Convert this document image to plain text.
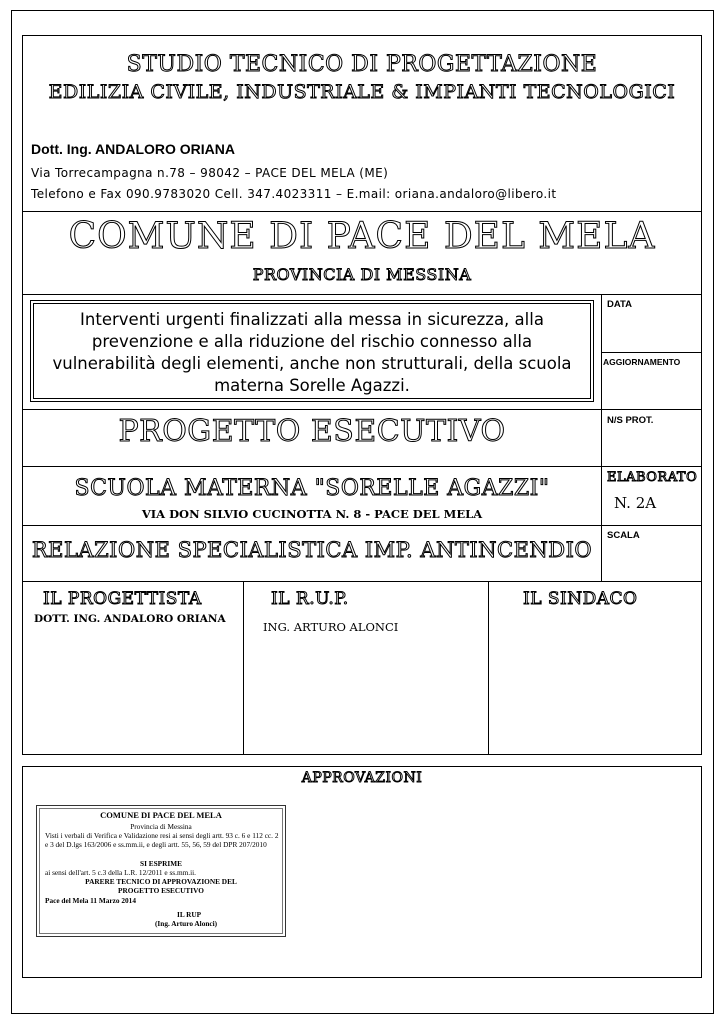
STUDIO TECNICO DI PROGETTAZIONE
EDILIZIA CIVILE, INDUSTRIALE & IMPIANTI TECNOLOGICI
Dott. Ing. ANDALORO ORIANA
Via Torrecampagna n.78 – 98042 – PACE DEL MELA (ME)
Telefono e Fax 090.9783020 Cell. 347.4023311 – E.mail: oriana.andaloro@libero.it
COMUNE DI PACE DEL MELA
PROVINCIA DI MESSINA
Interventi urgenti finalizzati alla messa in sicurezza, alla prevenzione e alla riduzione del rischio connesso alla vulnerabilità degli elementi, anche non strutturali, della scuola materna Sorelle Agazzi.
DATA
AGGIORNAMENTO
N/S PROT.
ELABORATO
N. 2A
SCALA
PROGETTO ESECUTIVO
SCUOLA MATERNA "SORELLE AGAZZI"
VIA DON SILVIO CUCINOTTA N. 8 - PACE DEL MELA
RELAZIONE SPECIALISTICA IMP. ANTINCENDIO
IL PROGETTISTA
DOTT. ING. ANDALORO ORIANA
IL R.U.P.
ING. ARTURO ALONCI
IL SINDACO
APPROVAZIONI
COMUNE DI PACE DEL MELA
Provincia di Messina
Visti i verbali di Verifica e Validazione resi ai sensi degli artt. 93 c. 6 e 112 cc. 2 e 3 del D.lgs 163/2006 e ss.mm.ii, e degli artt. 55, 56, 59 del DPR 207/2010
SI ESPRIME
ai sensi dell'art. 5 c.3 della L.R. 12/2011 e ss.mm.ii.
PARERE TECNICO DI APPROVAZIONE DEL PROGETTO ESECUTIVO
Pace del Mela 11 Marzo 2014
IL RUP
(Ing. Arturo Alonci)
